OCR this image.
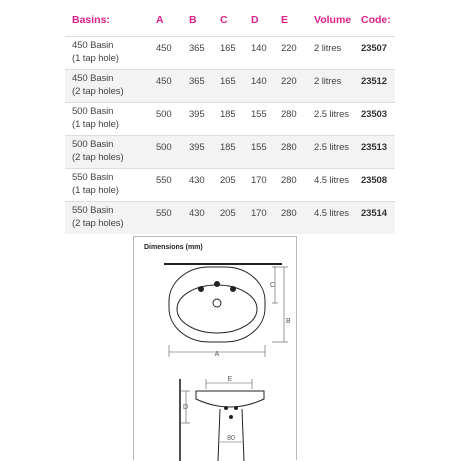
Basins:	A B C D E Volume Code:
450 Basin
(1 tap hole)
450 365 165 140 220 2 litres 23507
450 Basin
(2 tap holes)
450 365 165 140 220 2 litres 23512
500 Basin
(1 tap hole)
500 395 185 155 280 2.5 litres 23503
500 Basin
(2 tap holes)
500 395 185 155 280 2.5 litres 23513
550 Basin
(1 tap hole)
550 430 205 170 280 4.5 litres 23508
550 Basin
(2 tap holes)
550 430 205 170 280 4.5 litres 23514
Dimensions (mm)
A
B
C
E
D
80
